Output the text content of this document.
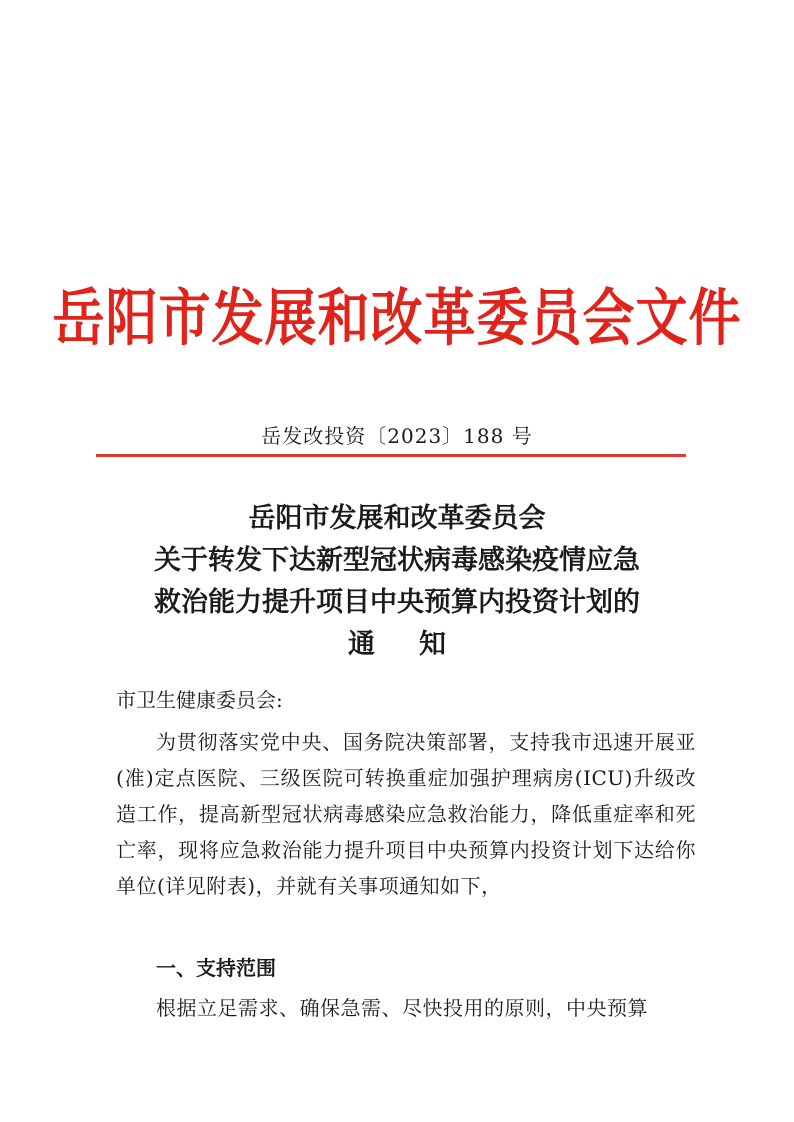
岳阳市发展和改革委员会文件
岳发改投资〔2023〕188 号
岳阳市发展和改革委员会
关于转发下达新型冠状病毒感染疫情应急
救治能力提升项目中央预算内投资计划的
通知
市卫生健康委员会:

为贯彻落实党中央、国务院决策部署，支持我市迅速开展亚(准)定点医院、三级医院可转换重症加强护理病房(ICU)升级改造工作，提高新型冠状病毒感染应急救治能力，降低重症率和死亡率，现将应急救治能力提升项目中央预算内投资计划下达给你单位(详见附表)，并就有关事项通知如下，

一、支持范围

根据立足需求、确保急需、尽快投用的原则，中央预算
